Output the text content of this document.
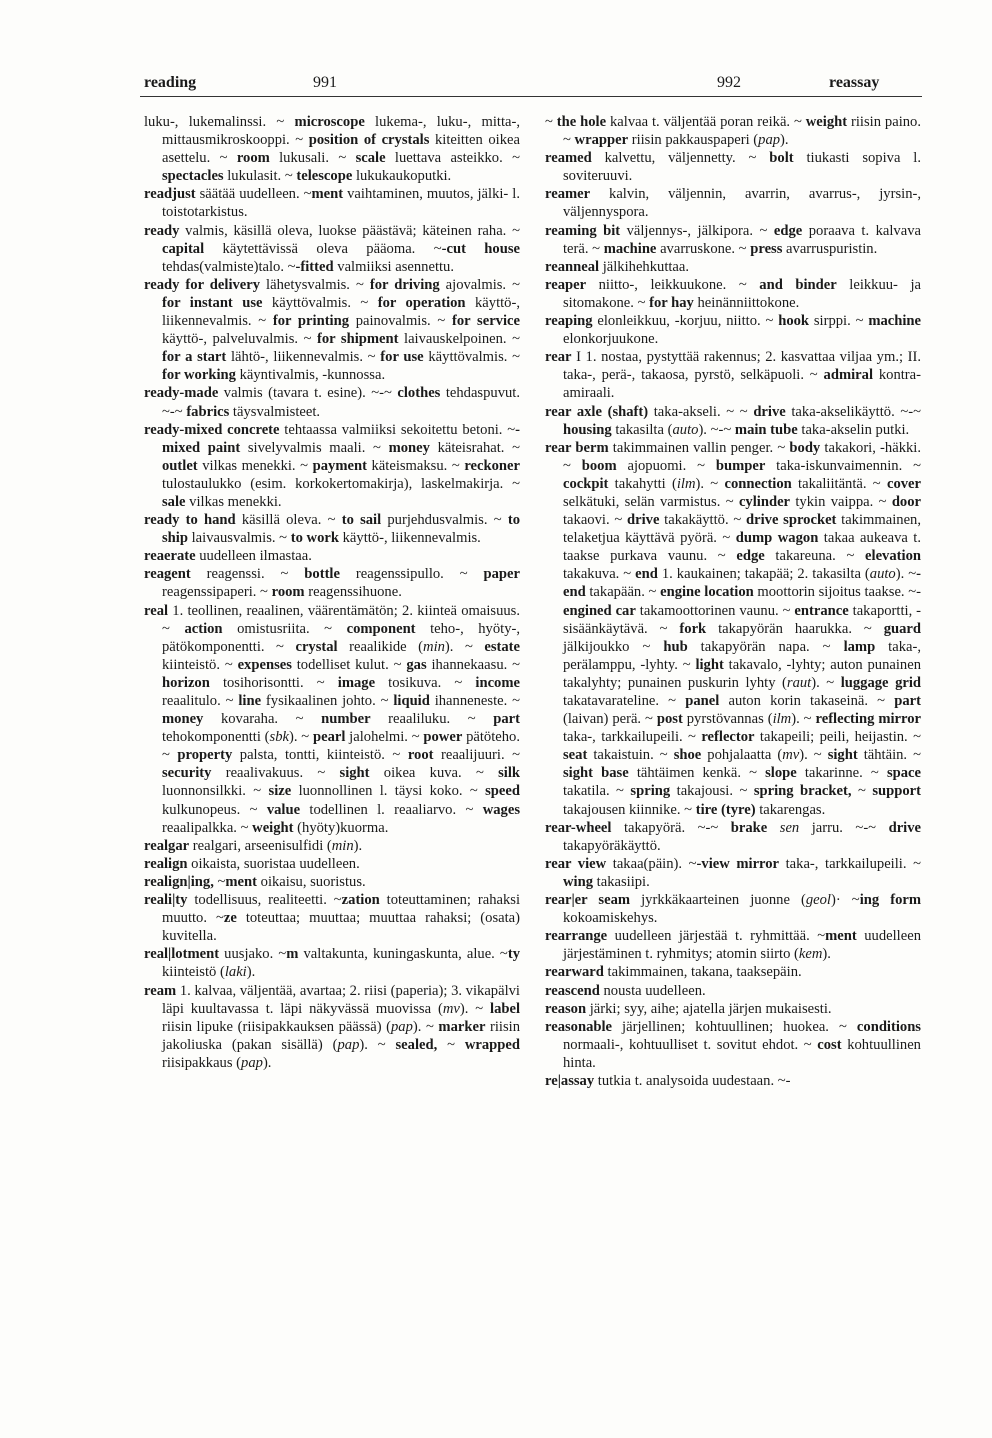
reading	991	992	reassay

luku-, lukemalinssi. ~ microscope lukema-, luku-, mitta-, mittausmikroskooppi. ~ position of crystals kiteitten oikea asettelu. ~ room lukusali. ~ scale luettava asteikko. ~ spectacles lukulasit. ~ telescope lukukaukoputki.

readjust säätää uudelleen. ~ment vaihtaminen, muutos, jälki- l. toistotarkistus.

ready valmis, käsillä oleva, luokse päästävä; käteinen raha. ~ capital käytettävissä oleva pääoma. ~-cut house tehdas(valmiste)talo. ~-fitted valmiiksi asennettu.

ready for delivery lähetysvalmis. ~ for driving ajovalmis. ~ for instant use käyttövalmis. ~ for operation käyttö-, liikennevalmis. ~ for printing painovalmis. ~ for service käyttö-, palveluvalmis. ~ for shipment laivauskelpoinen. ~ for a start lähtö-, liikennevalmis. ~ for use käyttövalmis. ~ for working käyntivalmis, -kunnossa.

ready-made valmis (tavara t. esine). ~-~ clothes tehdaspuvut. ~-~ fabrics täysvalmisteet.

ready-mixed concrete tehtaassa valmiiksi sekoitettu betoni. ~-mixed paint sivelyvalmis maali. ~ money käteisrahat. ~ outlet vilkas menekki. ~ payment käteismaksu. ~ reckoner tulostaulukko (esim. korkokertomakirja), laskelmakirja. ~ sale vilkas menekki.

ready to hand käsillä oleva. ~ to sail purjehdusvalmis. ~ to ship laivausvalmis. ~ to work käyttö-, liikennevalmis.

reaerate uudelleen ilmastaa.

reagent reagenssi. ~ bottle reagenssipullo. ~ paper reagenssipaperi. ~ room reagenssihuone.

real 1. teollinen, reaalinen, väärentämätön; 2. kiinteä omaisuus. ~ action omistusriita. ~ component teho-, hyöty-, pätökomponentti. ~ crystal reaalikide (min). ~ estate kiinteistö. ~ expenses todelliset kulut. ~ gas ihannekaasu. ~ horizon tosihorisontti. ~ image tosikuva. ~ income reaalitulo. ~ line fysikaalinen johto. ~ liquid ihanneneste. ~ money kovaraha. ~ number reaaliluku. ~ part tehokomponentti (sbk). ~ pearl jalohelmi. ~ power pätöteho. ~ property palsta, tontti, kiinteistö. ~ root reaalijuuri. ~ security reaalivakuus. ~ sight oikea kuva. ~ silk luonnonsilkki. ~ size luonnollinen l. täysi koko. ~ speed kulkunopeus. ~ value todellinen l. reaaliarvo. ~ wages reaalipalkka. ~ weight (hyöty)kuorma.

realgar realgari, arseenisulfidi (min).

realign oikaista, suoristaa uudelleen.

realign|ing, ~ment oikaisu, suoristus.

reali|ty todellisuus, realiteetti. ~zation toteuttaminen; rahaksi muutto. ~ze toteuttaa; muuttaa; muuttaa rahaksi; (osata) kuvitella.

real|lotment uusjako. ~m valtakunta, kuningaskunta, alue. ~ty kiinteistö (laki).

ream 1. kalvaa, väljentää, avartaa; 2. riisi (paperia); 3. vikapälvi läpi kuultavassa t. läpi näkyvässä muovissa (mv). ~ label riisin lipuke (riisipakkauksen päässä) (pap). ~ marker riisin jakoliuska (pakan sisällä) (pap). ~ sealed, ~ wrapped riisipakkaus (pap).

~ the hole kalvaa t. väljentää poran reikä. ~ weight riisin paino. ~ wrapper riisin pakkauspaperi (pap).

reamed kalvettu, väljennetty. ~ bolt tiukasti sopiva l. soviteruuvi.

reamer kalvin, väljennin, avarrin, avarrus-, jyrsin-, väljennyspora.

reaming bit väljennys-, jälkipora. ~ edge poraava t. kalvava terä. ~ machine avarruskone. ~ press avarruspuristin.

reanneal jälkihehkuttaa.

reaper niitto-, leikkuukone. ~ and binder leikkuu- ja sitomakone. ~ for hay heinänniittokone.

reaping elonleikkuu, -korjuu, niitto. ~ hook sirppi. ~ machine elonkorjuukone.

rear I 1. nostaa, pystyttää rakennus; 2. kasvattaa viljaa ym.; II. taka-, perä-, takaosa, pyrstö, selkäpuoli. ~ admiral kontra-amiraali.

rear axle (shaft) taka-akseli. ~ ~ drive taka-akselikäyttö. ~-~ housing takasilta (auto). ~-~ main tube taka-akselin putki.

rear berm takimmainen vallin penger. ~ body takakori, -häkki. ~ boom ajopuomi. ~ bumper taka-iskunvaimennin. ~ cockpit takahytti (ilm). ~ connection takaliitäntä. ~ cover selkätuki, selän varmistus. ~ cylinder tykin vaippa. ~ door takaovi. ~ drive takakäyttö. ~ drive sprocket takimmainen, telaketjua käyttävä pyörä. ~ dump wagon takaa aukeava t. taakse purkava vaunu. ~ edge takareuna. ~ elevation takakuva. ~ end 1. kaukainen; takapää; 2. takasilta (auto). ~-end takapään. ~ engine location moottorin sijoitus taakse. ~-engined car takamoottorinen vaunu. ~ entrance takaportti, -sisäänkäytävä. ~ fork takapyörän haarukka. ~ guard jälkijoukko ~ hub takapyörän napa. ~ lamp taka-, perälamppu, -lyhty. ~ light takavalo, -lyhty; auton punainen takalyhty; punainen puskurin lyhty (raut). ~ luggage grid takatavarateline. ~ panel auton korin takaseinä. ~ part (laivan) perä. ~ post pyrstövannas (ilm). ~ reflecting mirror taka-, tarkkailupeili. ~ reflector takapeili; peili, heijastin. ~ seat takaistuin. ~ shoe pohjalaatta (mv). ~ sight tähtäin. ~ sight base tähtäimen kenkä. ~ slope takarinne. ~ space takatila. ~ spring takajousi. ~ spring bracket, ~ support takajousen kiinnike. ~ tire (tyre) takarengas.

rear-wheel takapyörä. ~-~ brake sen jarru. ~-~ drive takapyöräkäyttö.

rear view takaa(päin). ~-view mirror taka-, tarkkailupeili. ~ wing takasiipi.

rear|er seam jyrkkäkaarteinen juonne (geol)· ~ing form kokoamiskehys.

rearrange uudelleen järjestää t. ryhmittää. ~ment uudelleen järjestäminen t. ryhmitys; atomin siirto (kem).

rearward takimmainen, takana, taaksepäin.

reascend nousta uudelleen.

reason järki; syy, aihe; ajatella järjen mukaisesti.

reasonable järjellinen; kohtuullinen; huokea. ~ conditions normaali-, kohtuulliset t. sovitut ehdot. ~ cost kohtuullinen hinta.

re|assay tutkia t. analysoida uudestaan. ~-
